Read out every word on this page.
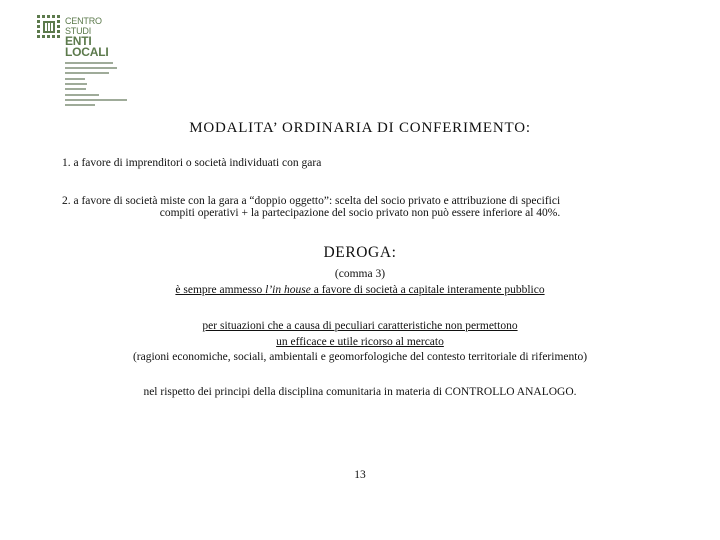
CENTRO
STUDI
ENTI
LOCALI
MODALITA’ ORDINARIA DI CONFERIMENTO:
1. a favore di imprenditori o società individuati con gara
2. a favore di società miste con la gara a “doppio oggetto”: scelta del socio privato e attribuzione di specifici
compiti operativi + la partecipazione del socio privato non può essere inferiore al 40%.
DEROGA:
(comma 3)
è sempre ammesso l’in house a favore di società a capitale interamente pubblico
per situazioni che a causa di peculiari caratteristiche non permettono
un efficace e utile ricorso al mercato
(ragioni economiche, sociali, ambientali e geomorfologiche del contesto territoriale di riferimento)
nel rispetto dei principi della disciplina comunitaria in materia di CONTROLLO ANALOGO.
13
